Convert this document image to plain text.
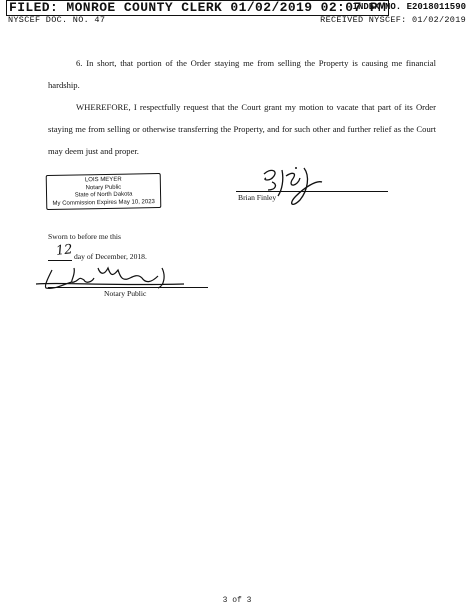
FILED: MONROE COUNTY CLERK 01/02/2019 02:07 PM
INDEX NO. E2018011590
NYSCEF DOC. NO. 47	RECEIVED NYSCEF: 01/02/2019
6. In short, that portion of the Order staying me from selling the Property is causing me financial hardship.
WHEREFORE, I respectfully request that the Court grant my motion to vacate that part of its Order staying me from selling or otherwise transferring the Property, and for such other and further relief as the Court may deem just and proper.
LOIS MEYER
Notary Public
State of North Dakota
My Commission Expires May 10, 2023
Brian Finley
Sworn to before me this
day of December, 2018.
12
Notary Public
3 of 3
